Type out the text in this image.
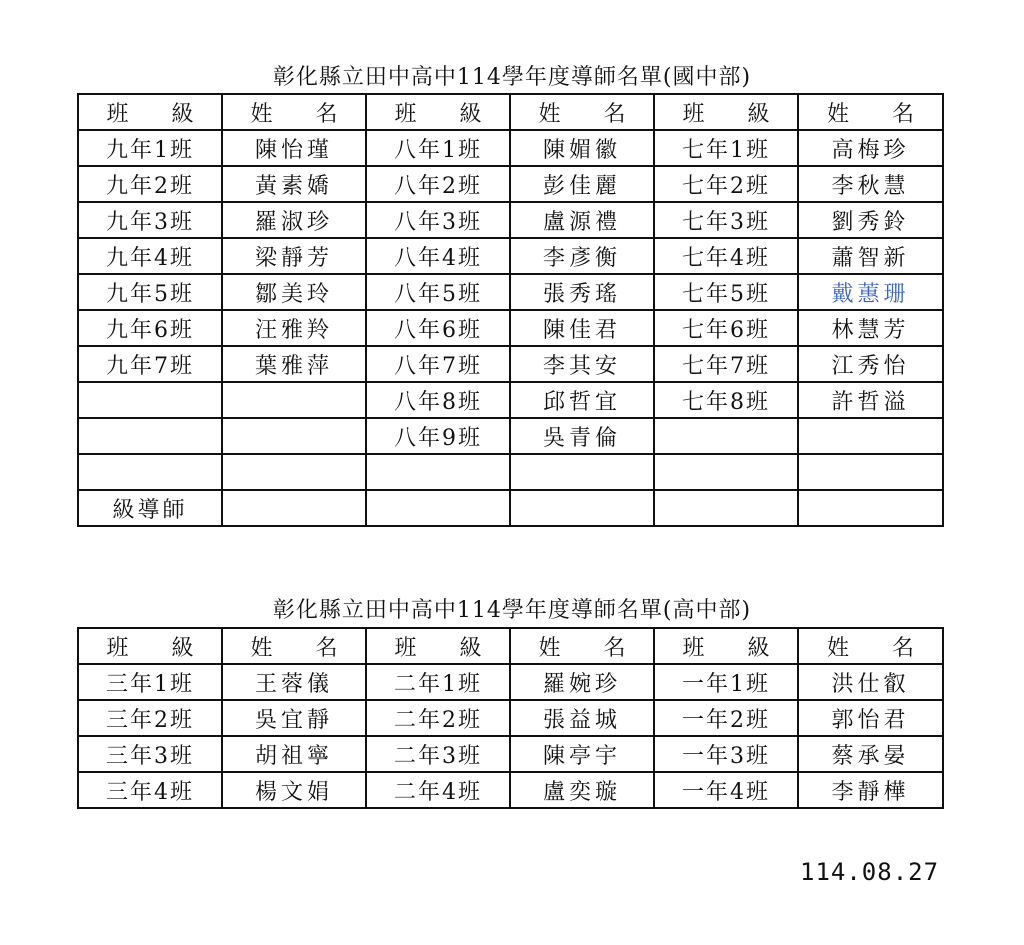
彰化縣立田中高中114學年度導師名單(國中部)
班 級	姓 名	班 級	姓 名	班 級	姓 名
九年1班	陳怡瑾	八年1班	陳媚徽	七年1班	高梅珍
九年2班	黃素嬌	八年2班	彭佳麗	七年2班	李秋慧
九年3班	羅淑珍	八年3班	盧源禮	七年3班	劉秀鈴
九年4班	梁靜芳	八年4班	李彥衡	七年4班	蕭智新
九年5班	鄒美玲	八年5班	張秀瑤	七年5班	戴蕙珊
九年6班	汪雅羚	八年6班	陳佳君	七年6班	林慧芳
九年7班	葉雅萍	八年7班	李其安	七年7班	江秀怡
		八年8班	邱哲宜	七年8班	許哲溢
		八年9班	吳青倫		

級導師					
彰化縣立田中高中114學年度導師名單(高中部)
班 級	姓 名	班 級	姓 名	班 級	姓 名
三年1班	王蓉儀	二年1班	羅婉珍	一年1班	洪仕叡
三年2班	吳宜靜	二年2班	張益城	一年2班	郭怡君
三年3班	胡祖寧	二年3班	陳亭宇	一年3班	蔡承晏
三年4班	楊文娟	二年4班	盧奕璇	一年4班	李靜樺
114.08.27
